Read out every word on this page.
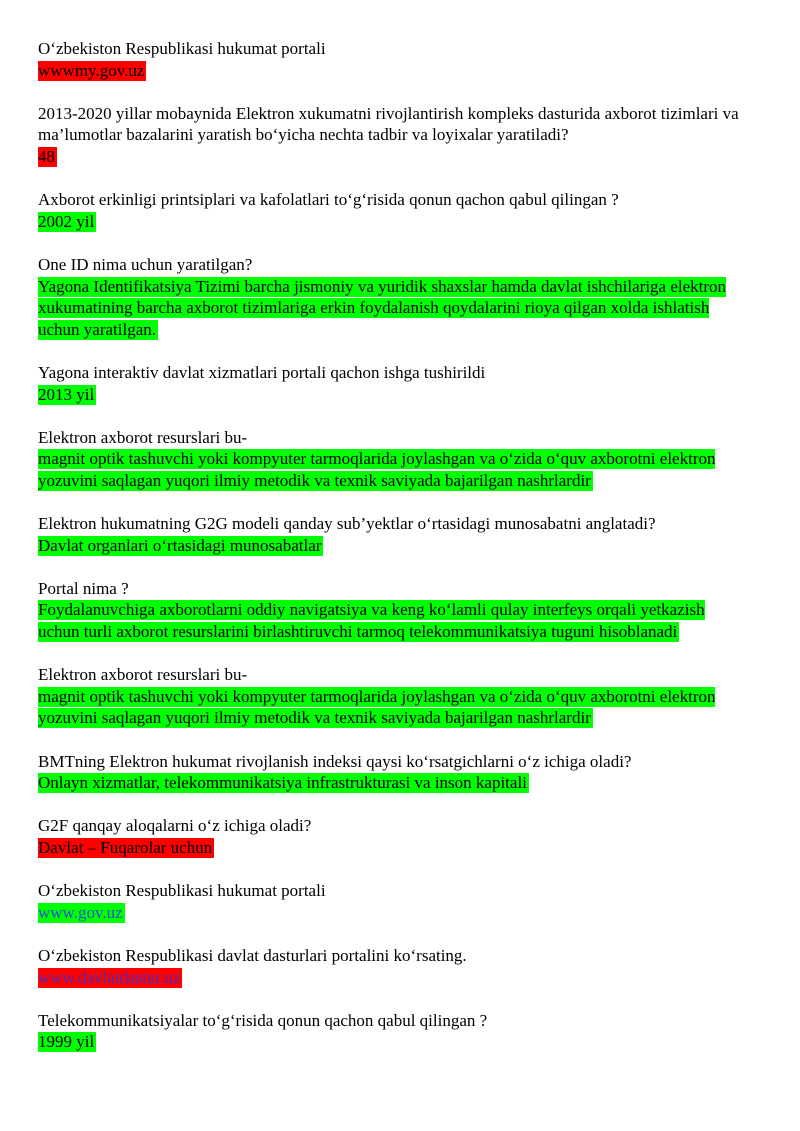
O‘zbekiston Respublikasi hukumat portali
wwwmy.gov.uz
2013-2020 yillar mobaynida Elektron xukumatni rivojlantirish kompleks dasturida axborot tizimlari va ma’lumotlar bazalarini yaratish bo‘yicha nechta tadbir va loyixalar yaratiladi?
48
Axborot erkinligi printsiplari va kafolatlari to‘g‘risida qonun qachon qabul qilingan ?
2002 yil
One ID nima uchun yaratilgan?
Yagona Identifikatsiya Tizimi barcha jismoniy va yuridik shaxslar hamda davlat ishchilariga elektron xukumatining barcha axborot tizimlariga erkin foydalanish qoydalarini rioya qilgan xolda ishlatish uchun yaratilgan.
Yagona interaktiv davlat xizmatlari portali qachon ishga tushirildi
2013 yil
Elektron axborot resurslari bu-
magnit optik tashuvchi yoki kompyuter tarmoqlarida joylashgan va o‘zida o‘quv axborotni elektron yozuvini saqlagan yuqori ilmiy metodik va texnik saviyada bajarilgan nashrlardir
Elektron hukumatning G2G modeli qanday sub’yektlar o‘rtasidagi munosabatni anglatadi?
Davlat organlari o‘rtasidagi munosabatlar
Portal nima ?
Foydalanuvchiga axborotlarni oddiy navigatsiya va keng ko‘lamli qulay interfeys orqali yetkazish uchun turli axborot resurslarini birlashtiruvchi tarmoq telekommunikatsiya tuguni hisoblanadi
Elektron axborot resurslari bu-
magnit optik tashuvchi yoki kompyuter tarmoqlarida joylashgan va o‘zida o‘quv axborotni elektron yozuvini saqlagan yuqori ilmiy metodik va texnik saviyada bajarilgan nashrlardir
BMTning Elektron hukumat rivojlanish indeksi qaysi ko‘rsatgichlarni o‘z ichiga oladi?
Onlayn xizmatlar, telekommunikatsiya infrastrukturasi va inson kapitali
G2F qanqay aloqalarni o‘z ichiga oladi?
Davlat – Fuqarolar uchun
O‘zbekiston Respublikasi hukumat portali
www.gov.uz
O‘zbekiston Respublikasi davlat dasturlari portalini ko‘rsating.
www.davlatdastur.uz
Telekommunikatsiyalar to‘g‘risida qonun qachon qabul qilingan ?
1999 yil
